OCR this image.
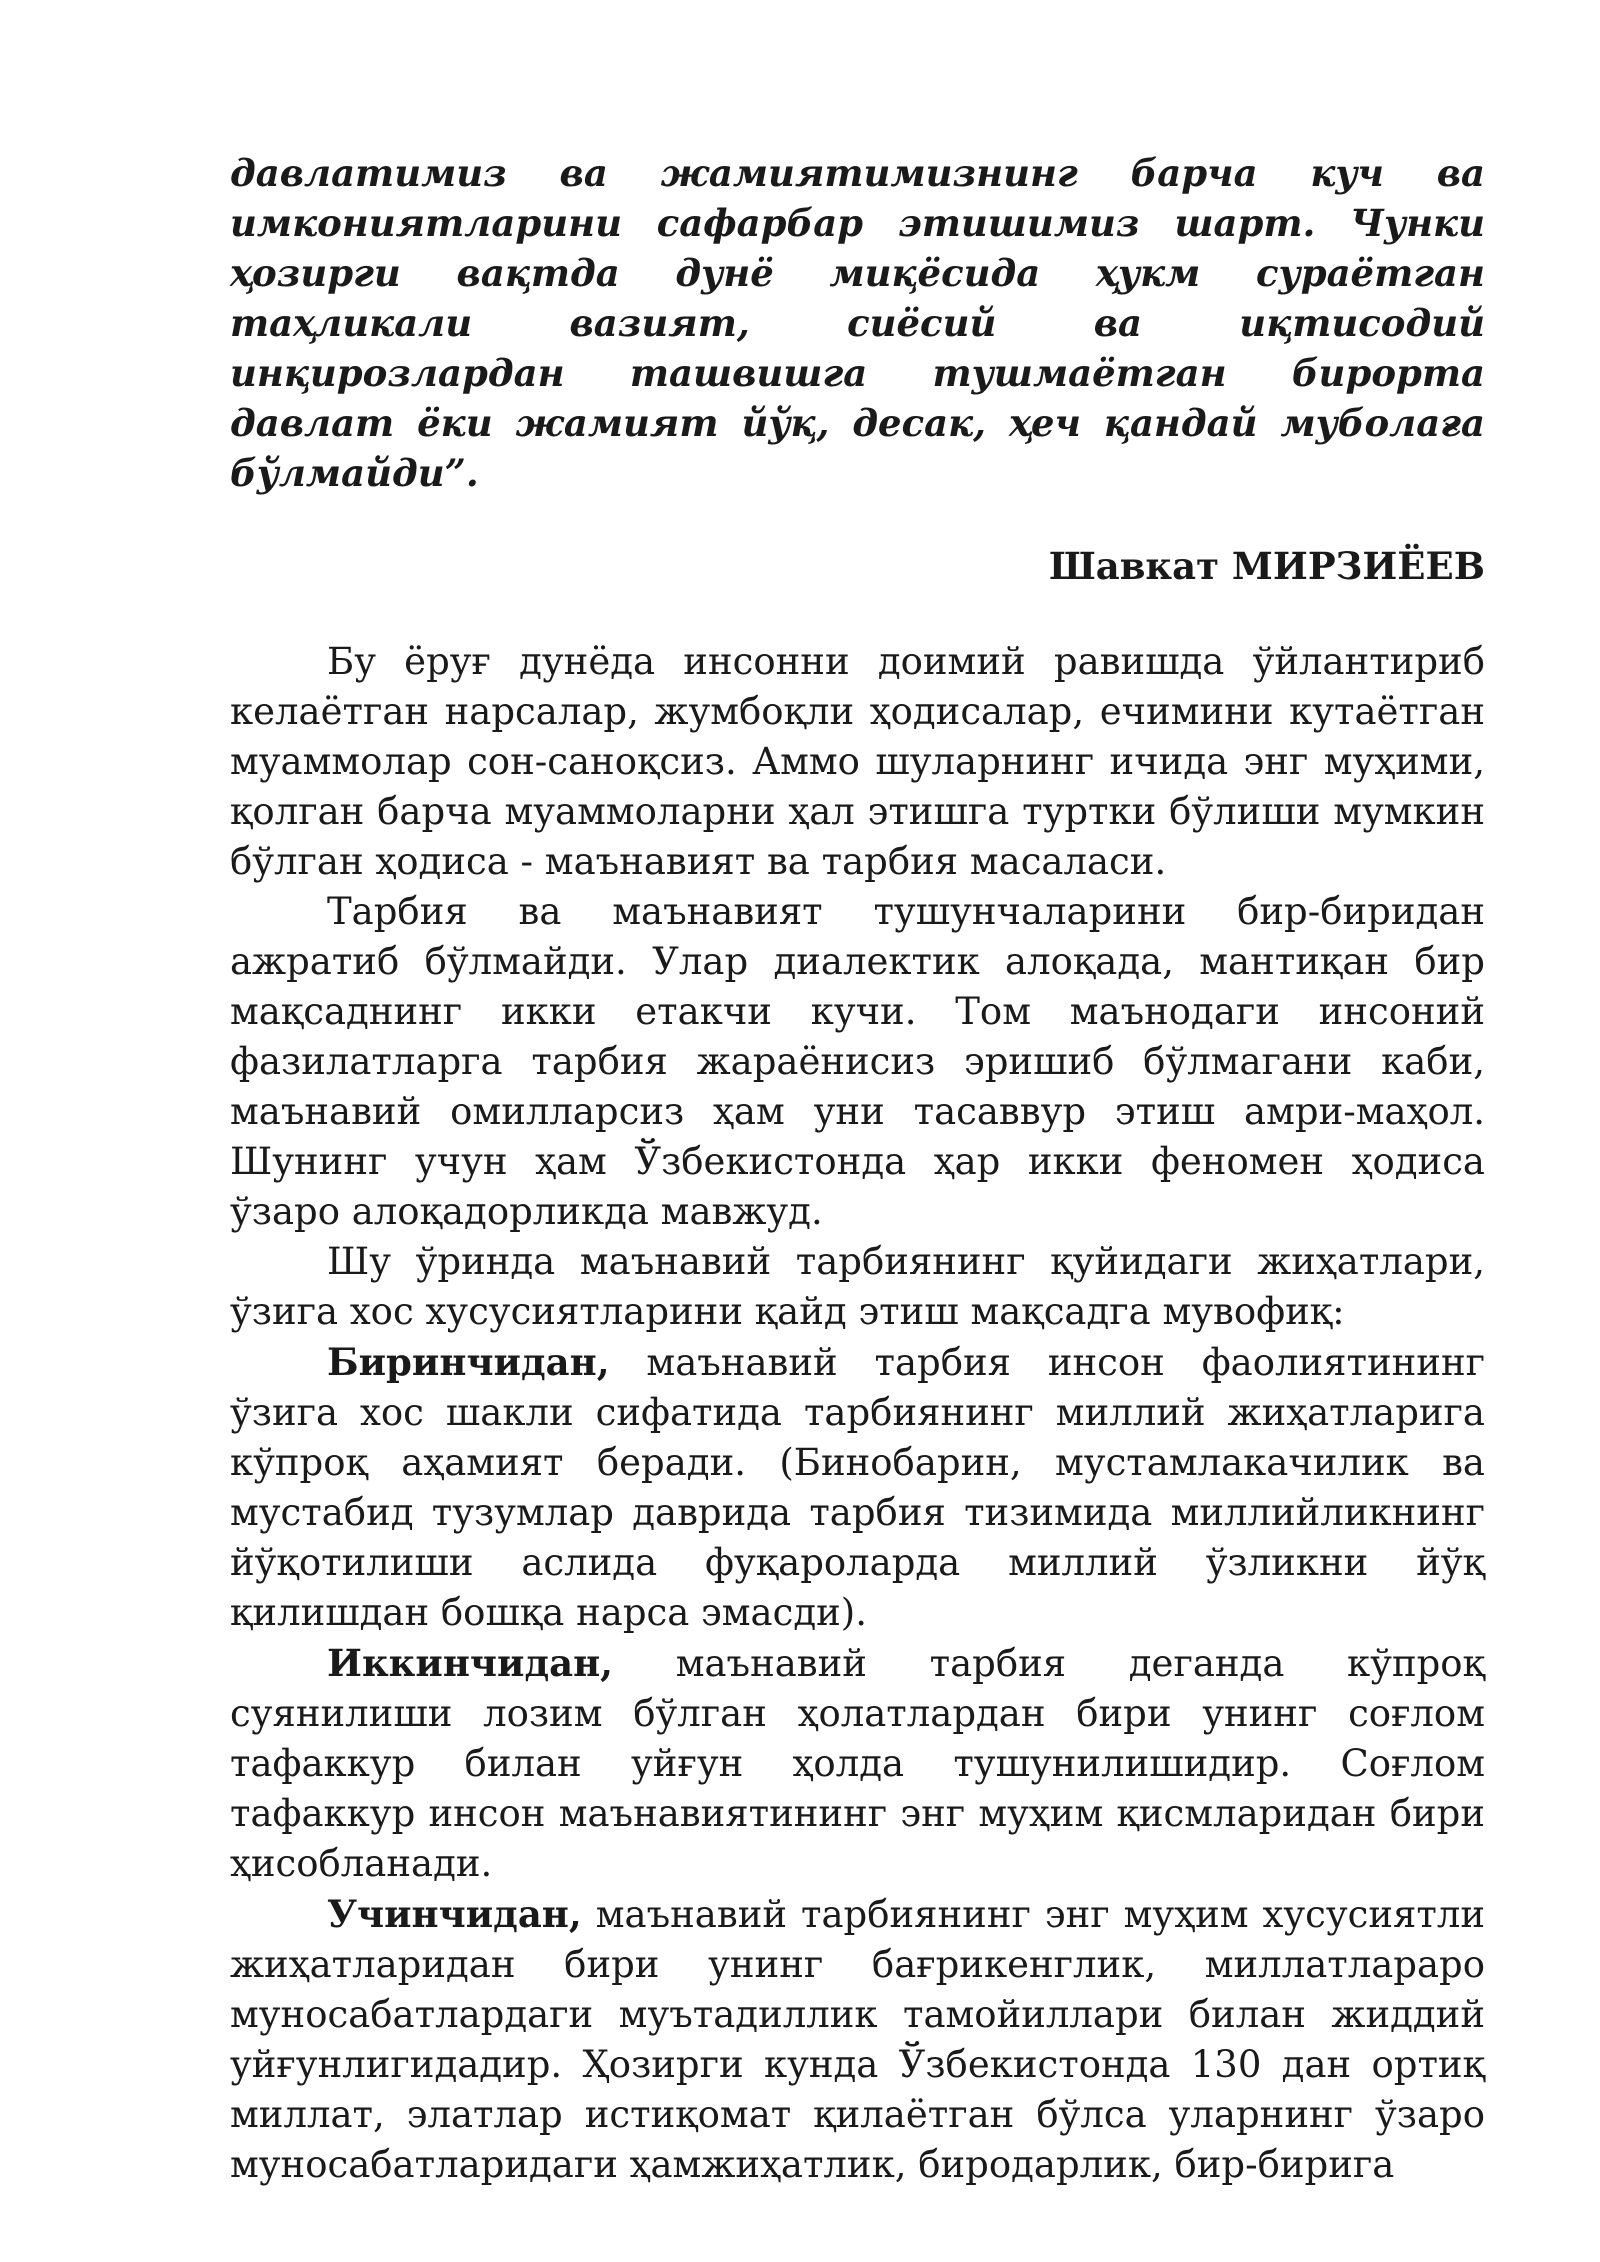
давлатимиз ва жамиятимизнинг барча куч ва имкониятларини сафарбар этишимиз шарт. Чунки ҳозирги вақтда дунё миқёсида ҳукм сураётган таҳликали вазият, сиёсий ва иқтисодий инқирозлардан ташвишга тушмаётган бирорта давлат ёки жамият йўқ, десак, ҳеч қандай муболаға бўлмайди”.

Шавкат МИРЗИЁЕВ

Бу ёруғ дунёда инсонни доимий равишда ўйлантириб келаётган нарсалар, жумбоқли ҳодисалар, ечимини кутаётган муаммолар сон-саноқсиз. Аммо шуларнинг ичида энг муҳими, қолган барча муаммоларни ҳал этишга туртки бўлиши мумкин бўлган ҳодиса - маънавият ва тарбия масаласи.

Тарбия ва маънавият тушунчаларини бир-биридан ажратиб бўлмайди. Улар диалектик алоқада, мантиқан бир мақсаднинг икки етакчи кучи. Том маънодаги инсоний фазилатларга тарбия жараёнисиз эришиб бўлмагани каби, маънавий омилларсиз ҳам уни тасаввур этиш амри-маҳол. Шунинг учун ҳам Ўзбекистонда ҳар икки феномен ҳодиса ўзаро алоқадорликда мавжуд.

Шу ўринда маънавий тарбиянинг қуйидаги жиҳатлари, ўзига хос хусусиятларини қайд этиш мақсадга мувофиқ:

Биринчидан, маънавий тарбия инсон фаолиятининг ўзига хос шакли сифатида тарбиянинг миллий жиҳатларига кўпроқ аҳамият беради. (Бинобарин, мустамлакачилик ва мустабид тузумлар даврида тарбия тизимида миллийликнинг йўқотилиши аслида фуқароларда миллий ўзликни йўқ қилишдан бошқа нарса эмасди).

Иккинчидан, маънавий тарбия деганда кўпроқ суянилиши лозим бўлган ҳолатлардан бири унинг соғлом тафаккур билан уйғун ҳолда тушунилишидир. Соғлом тафаккур инсон маънавиятининг энг муҳим қисмларидан бири ҳисобланади.

Учинчидан, маънавий тарбиянинг энг муҳим хусусиятли жиҳатларидан бири унинг бағрикенглик, миллатлараро муносабатлардаги муътадиллик тамойиллари билан жиддий уйғунлигидадир. Ҳозирги кунда Ўзбекистонда 130 дан ортиқ миллат, элатлар истиқомат қилаётган бўлса уларнинг ўзаро муносабатларидаги ҳамжиҳатлик, биродарлик, бир-бирига
